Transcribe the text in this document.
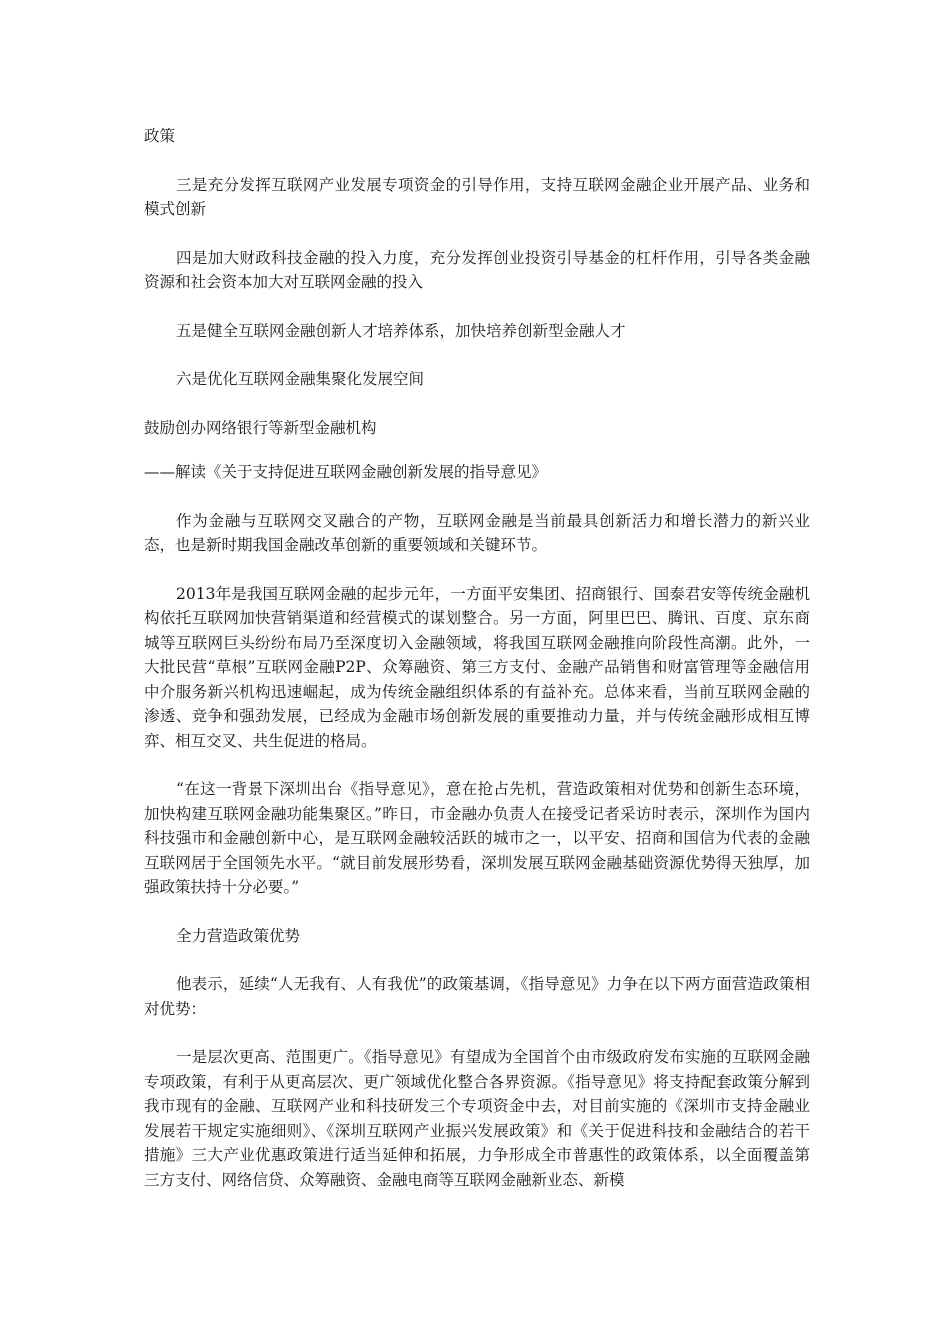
政策

三是充分发挥互联网产业发展专项资金的引导作用，支持互联网金融企业开展产品、业务和模式创新

四是加大财政科技金融的投入力度，充分发挥创业投资引导基金的杠杆作用，引导各类金融资源和社会资本加大对互联网金融的投入

五是健全互联网金融创新人才培养体系，加快培养创新型金融人才

六是优化互联网金融集聚化发展空间

鼓励创办网络银行等新型金融机构

——解读《关于支持促进互联网金融创新发展的指导意见》

作为金融与互联网交叉融合的产物，互联网金融是当前最具创新活力和增长潜力的新兴业态，也是新时期我国金融改革创新的重要领域和关键环节。

2013年是我国互联网金融的起步元年，一方面平安集团、招商银行、国泰君安等传统金融机构依托互联网加快营销渠道和经营模式的谋划整合。另一方面，阿里巴巴、腾讯、百度、京东商城等互联网巨头纷纷布局乃至深度切入金融领域，将我国互联网金融推向阶段性高潮。此外，一大批民营“草根”互联网金融P2P、众筹融资、第三方支付、金融产品销售和财富管理等金融信用中介服务新兴机构迅速崛起，成为传统金融组织体系的有益补充。总体来看，当前互联网金融的渗透、竞争和强劲发展，已经成为金融市场创新发展的重要推动力量，并与传统金融形成相互博弈、相互交叉、共生促进的格局。

“在这一背景下深圳出台《指导意见》，意在抢占先机，营造政策相对优势和创新生态环境，加快构建互联网金融功能集聚区。”昨日，市金融办负责人在接受记者采访时表示，深圳作为国内科技强市和金融创新中心，是互联网金融较活跃的城市之一，以平安、招商和国信为代表的金融互联网居于全国领先水平。“就目前发展形势看，深圳发展互联网金融基础资源优势得天独厚，加强政策扶持十分必要。”

全力营造政策优势

他表示，延续“人无我有、人有我优”的政策基调，《指导意见》力争在以下两方面营造政策相对优势：

一是层次更高、范围更广。《指导意见》有望成为全国首个由市级政府发布实施的互联网金融专项政策，有利于从更高层次、更广领域优化整合各界资源。《指导意见》将支持配套政策分解到我市现有的金融、互联网产业和科技研发三个专项资金中去，对目前实施的《深圳市支持金融业发展若干规定实施细则》、《深圳互联网产业振兴发展政策》和《关于促进科技和金融结合的若干措施》三大产业优惠政策进行适当延伸和拓展，力争形成全市普惠性的政策体系，以全面覆盖第三方支付、网络信贷、众筹融资、金融电商等互联网金融新业态、新模
